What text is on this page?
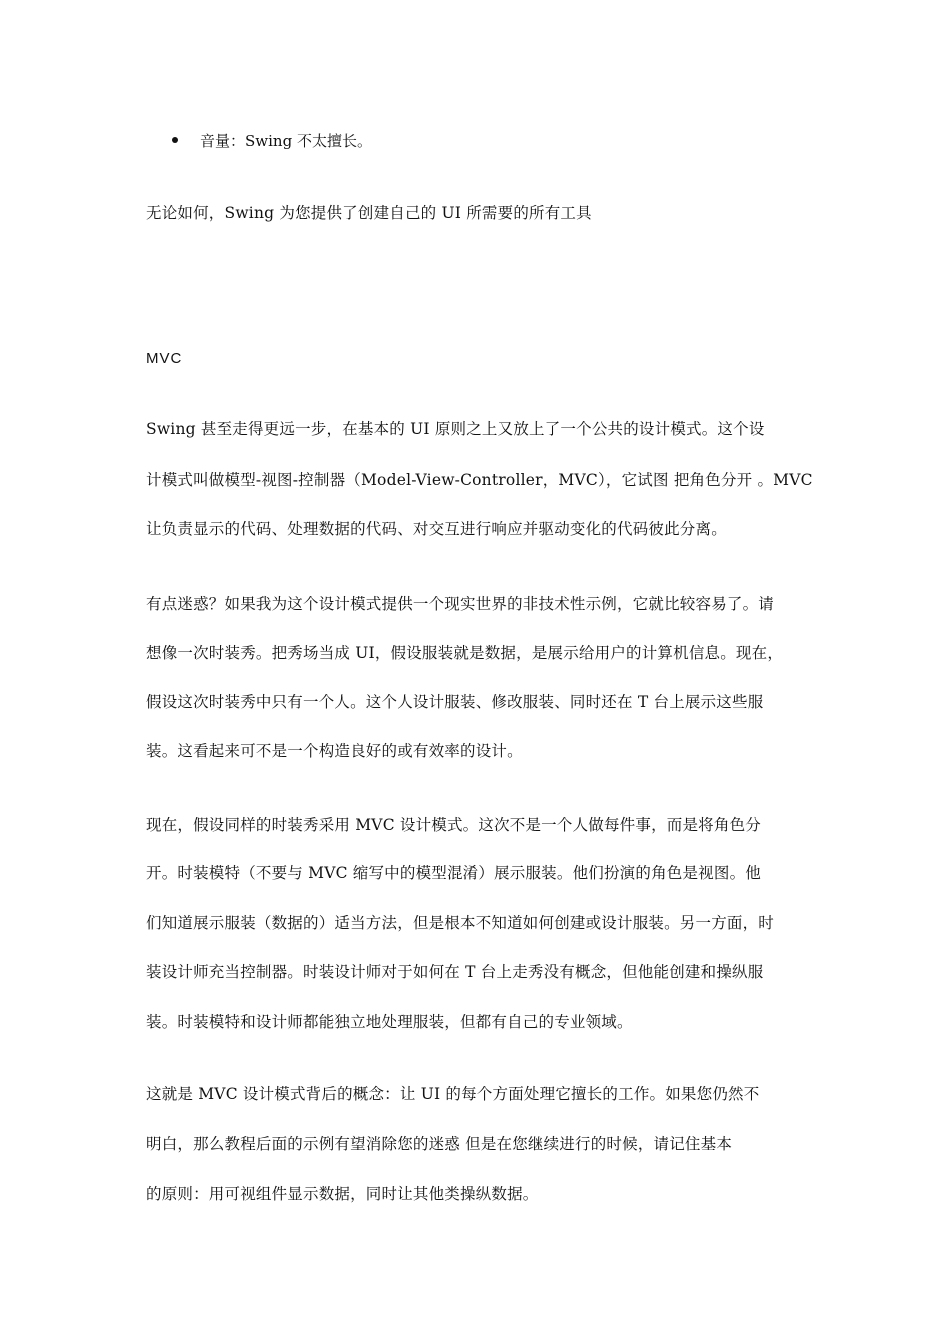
音量：Swing 不太擅长。
无论如何，Swing 为您提供了创建自己的 UI 所需要的所有工具
MVC
Swing 甚至走得更远一步，在基本的 UI 原则之上又放上了一个公共的设计模式。这个设
计模式叫做模型-视图-控制器（Model-View-Controller，MVC），它试图 把角色分开 。MVC
让负责显示的代码、处理数据的代码、对交互进行响应并驱动变化的代码彼此分离。
有点迷惑？如果我为这个设计模式提供一个现实世界的非技术性示例，它就比较容易了。请
想像一次时装秀。把秀场当成 UI，假设服装就是数据，是展示给用户的计算机信息。现在，
假设这次时装秀中只有一个人。这个人设计服装、修改服装、同时还在 T 台上展示这些服
装。这看起来可不是一个构造良好的或有效率的设计。
现在，假设同样的时装秀采用 MVC 设计模式。这次不是一个人做每件事，而是将角色分
开。时装模特（不要与 MVC 缩写中的模型混淆）展示服装。他们扮演的角色是视图。他
们知道展示服装（数据的）适当方法，但是根本不知道如何创建或设计服装。另一方面，时
装设计师充当控制器。时装设计师对于如何在 T 台上走秀没有概念，但他能创建和操纵服
装。时装模特和设计师都能独立地处理服装，但都有自己的专业领域。
这就是 MVC 设计模式背后的概念：让 UI 的每个方面处理它擅长的工作。如果您仍然不
明白，那么教程后面的示例有望消除您的迷惑 但是在您继续进行的时候，请记住基本
的原则：用可视组件显示数据，同时让其他类操纵数据。
